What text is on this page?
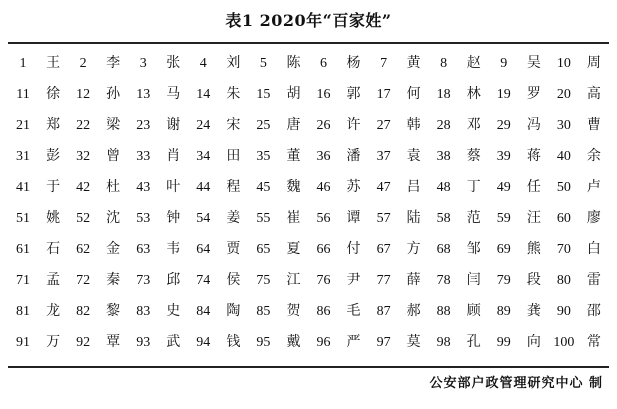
表1 2020年“百家姓”
1	王	2	李	3	张	4	刘	5	陈	6	杨	7	黄	8	赵	9	吴	10	周
11	徐	12	孙	13	马	14	朱	15	胡	16	郭	17	何	18	林	19	罗	20	高
21	郑	22	梁	23	谢	24	宋	25	唐	26	许	27	韩	28	邓	29	冯	30	曹
31	彭	32	曾	33	肖	34	田	35	董	36	潘	37	袁	38	蔡	39	蒋	40	余
41	于	42	杜	43	叶	44	程	45	魏	46	苏	47	吕	48	丁	49	任	50	卢
51	姚	52	沈	53	钟	54	姜	55	崔	56	谭	57	陆	58	范	59	汪	60	廖
61	石	62	金	63	韦	64	贾	65	夏	66	付	67	方	68	邹	69	熊	70	白
71	孟	72	秦	73	邱	74	侯	75	江	76	尹	77	薛	78	闫	79	段	80	雷
81	龙	82	黎	83	史	84	陶	85	贺	86	毛	87	郝	88	顾	89	龚	90	邵
91	万	92	覃	93	武	94	钱	95	戴	96	严	97	莫	98	孔	99	向 100 常
公安部户政管理研究中心 制
